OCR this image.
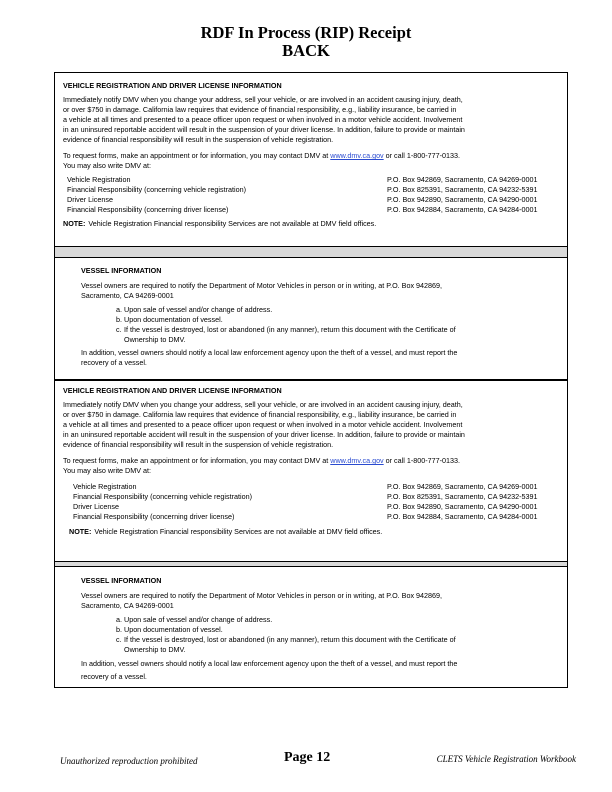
RDF In Process (RIP) Receipt
BACK
VEHICLE REGISTRATION AND DRIVER LICENSE INFORMATION

Immediately notify DMV when you change your address, sell your vehicle, or are involved in an accident causing injury, death,

or over $750 in damage. California law requires that evidence of financial responsibility, e.g., liability insurance, be carried in

a vehicle at all times and presented to a peace officer upon request or when involved in a motor vehicle accident. Involvement

in an uninsured reportable accident will result in the suspension of your driver license. In addition, failure to provide or maintain

evidence of financial responsibility will result in the suspension of vehicle registration.

To request forms, make an appointment or for information, you may contact DMV at www.dmv.ca.gov or call 1-800-777-0133.

You may also write DMV at:

Vehicle Registration	P.O. Box 942869, Sacramento, CA 94269-0001
Financial Responsibility (concerning vehicle registration)	P.O. Box 825391, Sacramento, CA 94232-5391
Driver License	P.O. Box 942890, Sacramento, CA 94290-0001
Financial Responsibility (concerning driver license)	P.O. Box 942884, Sacramento, CA 94284-0001

NOTE: Vehicle Registration Financial responsibility Services are not available at DMV field offices.

VESSEL INFORMATION

Vessel owners are required to notify the Department of Motor Vehicles in person or in writing, at P.O. Box 942869,

Sacramento, CA 94269-0001

a. Upon sale of vessel and/or change of address.
b. Upon documentation of vessel.
c. If the vessel is destroyed, lost or abandoned (in any manner), return this document with the Certificate of
Ownership to DMV.

In addition, vessel owners should notify a local law enforcement agency upon the theft of a vessel, and must report the

recovery of a vessel.

VEHICLE REGISTRATION AND DRIVER LICENSE INFORMATION

Immediately notify DMV when you change your address, sell your vehicle, or are involved in an accident causing injury, death,

or over $750 in damage. California law requires that evidence of financial responsibility, e.g., liability insurance, be carried in

a vehicle at all times and presented to a peace officer upon request or when involved in a motor vehicle accident. Involvement

in an uninsured reportable accident will result in the suspension of your driver license. In addition, failure to provide or maintain

evidence of financial responsibility will result in the suspension of vehicle registration.

To request forms, make an appointment or for information, you may contact DMV at www.dmv.ca.gov or call 1-800-777-0133.

You may also write DMV at:

Vehicle Registration	P.O. Box 942869, Sacramento, CA 94269-0001
Financial Responsibility (concerning vehicle registration)	P.O. Box 825391, Sacramento, CA 94232-5391
Driver License	P.O. Box 942890, Sacramento, CA 94290-0001
Financial Responsibility (concerning driver license)	P.O. Box 942884, Sacramento, CA 94284-0001

NOTE: Vehicle Registration Financial responsibility Services are not available at DMV field offices.

VESSEL INFORMATION

Vessel owners are required to notify the Department of Motor Vehicles in person or in writing, at P.O. Box 942869,

Sacramento, CA 94269-0001

a. Upon sale of vessel and/or change of address.
b. Upon documentation of vessel.
c. If the vessel is destroyed, lost or abandoned (in any manner), return this document with the Certificate of
Ownership to DMV.

In addition, vessel owners should notify a local law enforcement agency upon the theft of a vessel, and must report the

recovery of a vessel.

Unauthorized reproduction prohibited	Page 12	CLETS Vehicle Registration Workbook
